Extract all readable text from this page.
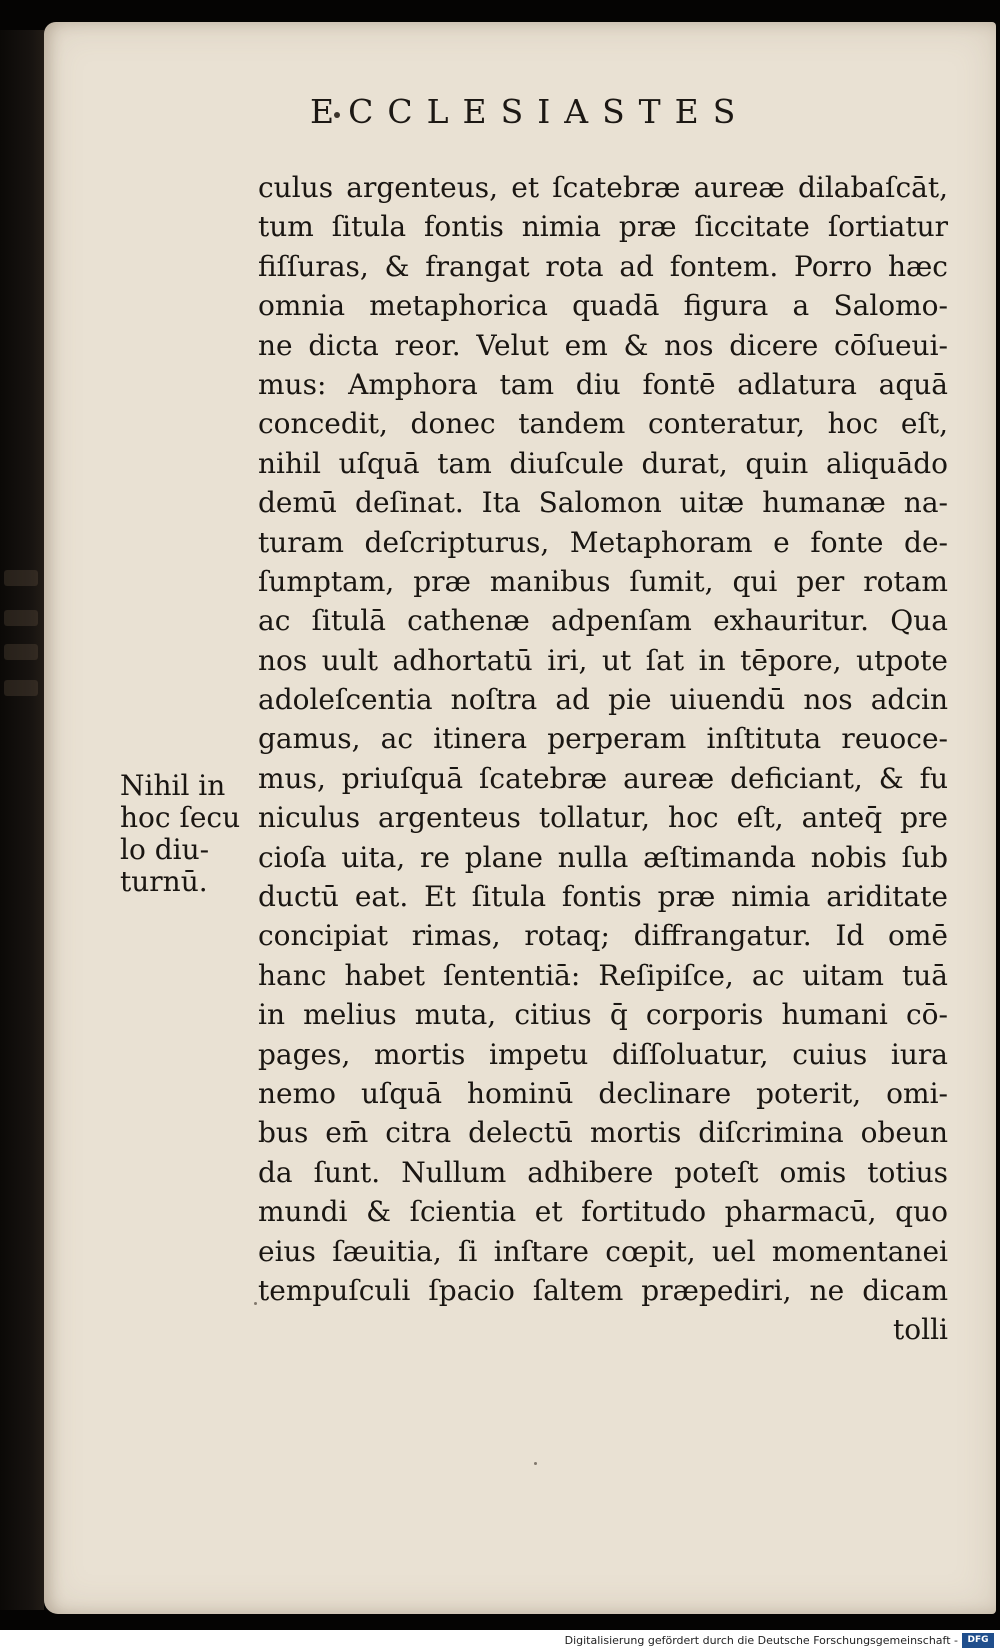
ECCLESIASTES
culus argenteus, et ſcatebræ aureæ dilabaſcāt,
tum ſitula fontis nimia præ ſiccitate ſortiatur
fiſſuras, & frangat rota ad fontem. Porro hæc
omnia metaphorica quadā figura a Salomo-
ne dicta reor. Velut em & nos dicere cōſueui-
mus: Amphora tam diu fontē adlatura aquā
concedit, donec tandem conteratur, hoc eſt,
nihil uſquā tam diuſcule durat, quin aliquādo
demū deſinat. Ita Salomon uitæ humanæ na-
turam deſcripturus, Metaphoram e fonte de-
ſumptam, præ manibus ſumit, qui per rotam
ac ſitulā cathenæ adpenſam exhauritur. Qua
nos uult adhortatū iri, ut ſat in tēpore, utpote
adoleſcentia noſtra ad pie uiuendū nos adcin
gamus, ac itinera perperam inſtituta reuoce-
mus, priuſquā ſcatebræ aureæ deficiant, & fu
niculus argenteus tollatur, hoc eſt, anteq̄ pre
cioſa uita, re plane nulla æſtimanda nobis ſub
ductū eat. Et ſitula fontis præ nimia ariditate
concipiat rimas, rotaq; diffrangatur. Id omē
hanc habet ſententiā: Reſipiſce, ac uitam tuā
in melius muta, citius q̄ corporis humani cō-
pages, mortis impetu diſſoluatur, cuius iura
nemo uſquā hominū declinare poterit, omi-
bus em̄ citra delectū mortis diſcrimina obeun
da ſunt. Nullum adhibere poteſt omis totius
mundi & ſcientia et fortitudo pharmacū, quo
eius ſæuitia, ſi inſtare cœpit, uel momentanei
tempuſculi ſpacio ſaltem præpediri, ne dicam
tolli
Nihil in
hoc ſecu
lo diu-
turnū.
Digitalisierung gefördert durch die Deutsche Forschungsgemeinschaft -	DFG
